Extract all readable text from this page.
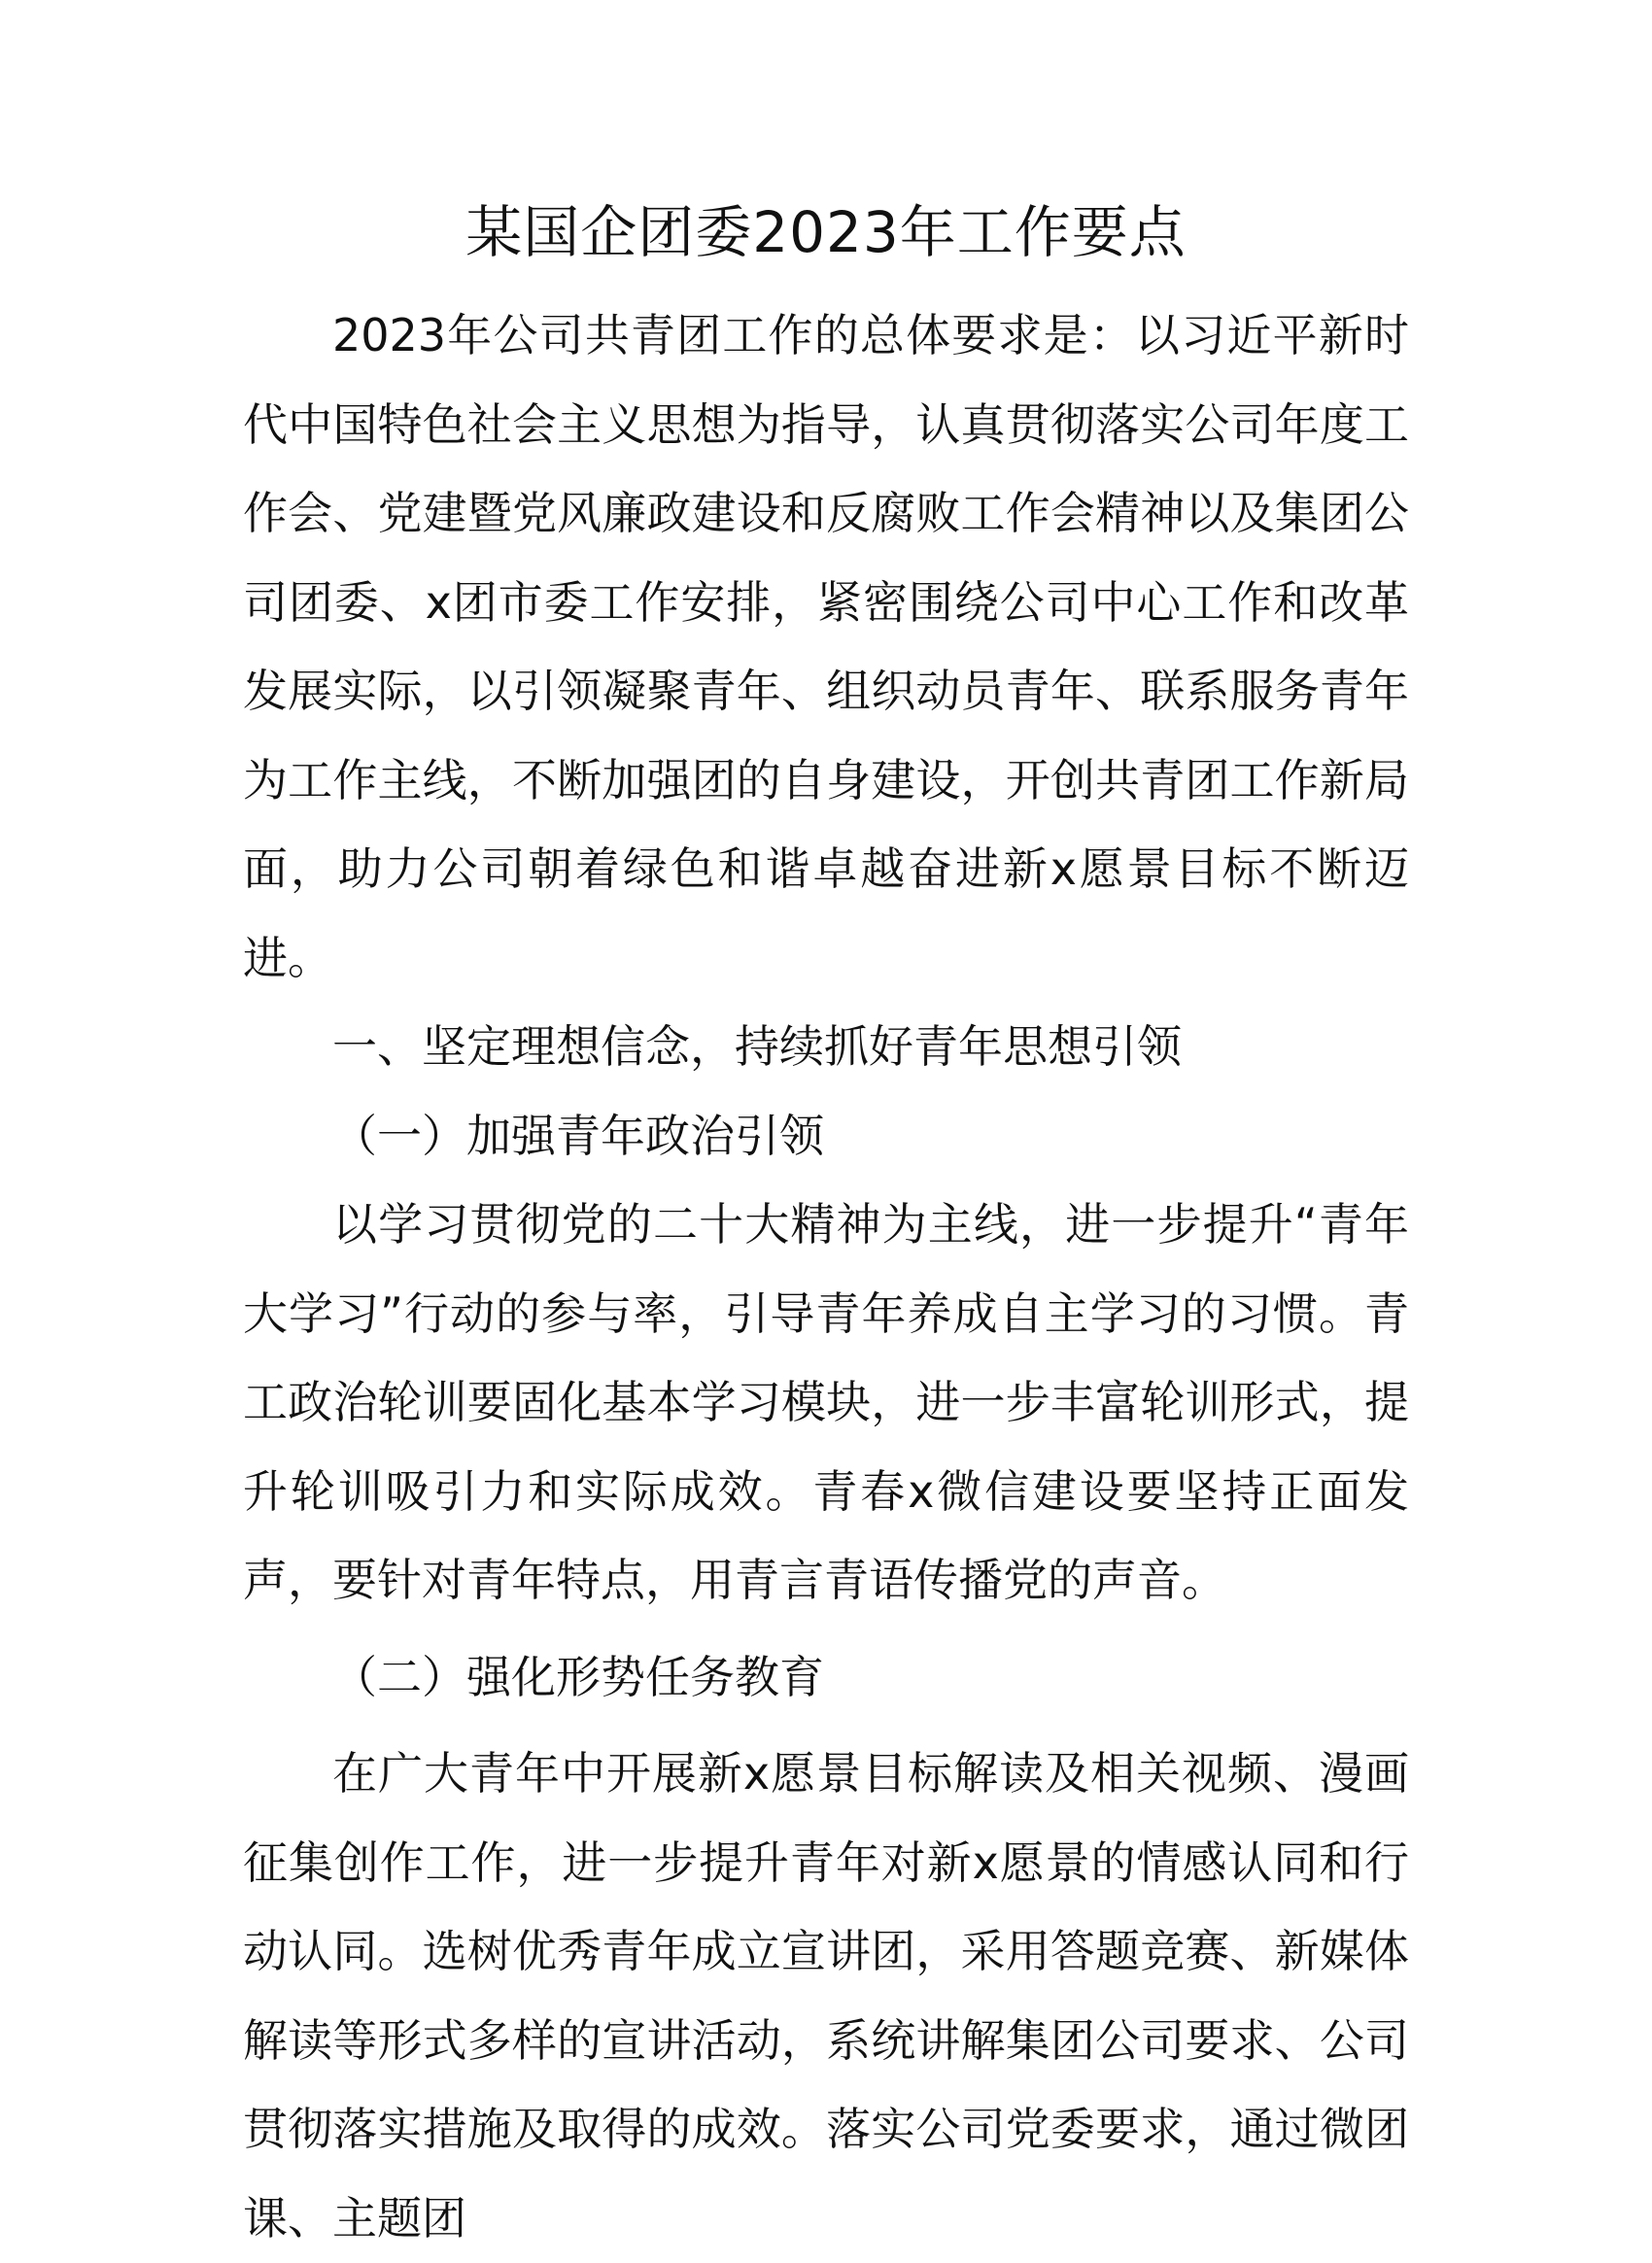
某国企团委2023年工作要点

2023年公司共青团工作的总体要求是：以习近平新时代中国特色社会主义思想为指导，认真贯彻落实公司年度工作会、党建暨党风廉政建设和反腐败工作会精神以及集团公司团委、x团市委工作安排，紧密围绕公司中心工作和改革发展实际，以引领凝聚青年、组织动员青年、联系服务青年为工作主线，不断加强团的自身建设，开创共青团工作新局面，助力公司朝着绿色和谐卓越奋进新x愿景目标不断迈进。

一、坚定理想信念，持续抓好青年思想引领

（一）加强青年政治引领

以学习贯彻党的二十大精神为主线，进一步提升“青年大学习”行动的参与率，引导青年养成自主学习的习惯。青工政治轮训要固化基本学习模块，进一步丰富轮训形式，提升轮训吸引力和实际成效。青春x微信建设要坚持正面发声，要针对青年特点，用青言青语传播党的声音。

（二）强化形势任务教育

在广大青年中开展新x愿景目标解读及相关视频、漫画征集创作工作，进一步提升青年对新x愿景的情感认同和行动认同。选树优秀青年成立宣讲团，采用答题竞赛、新媒体解读等形式多样的宣讲活动，系统讲解集团公司要求、公司贯彻落实措施及取得的成效。落实公司党委要求，通过微团课、主题团
